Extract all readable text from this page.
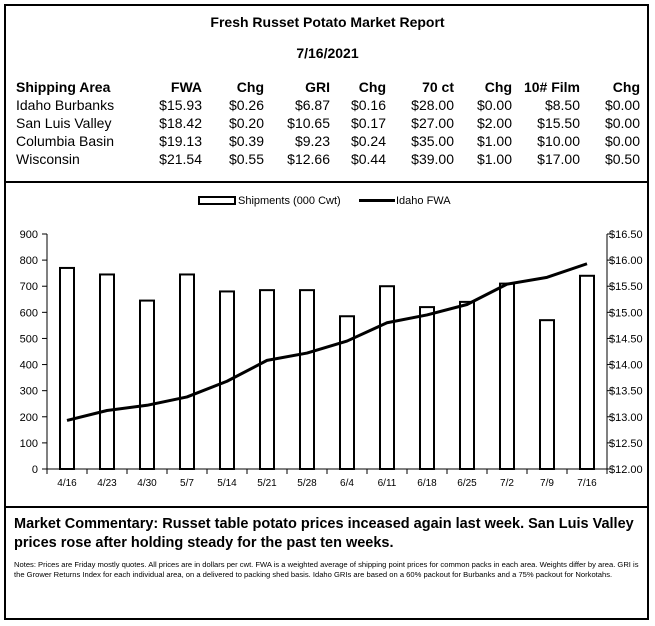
Fresh Russet Potato Market Report
7/16/2021
Shipping Area	FWA	Chg	GRI	Chg	70 ct	Chg	10# Film	Chg
Idaho Burbanks	$15.93	$0.26	$6.87	$0.16	$28.00	$0.00	$8.50	$0.00
San Luis Valley	$18.42	$0.20	$10.65	$0.17	$27.00	$2.00	$15.50	$0.00
Columbia Basin	$19.13	$0.39	$9.23	$0.24	$35.00	$1.00	$10.00	$0.00
Wisconsin	$21.54	$0.55	$12.66	$0.44	$39.00	$1.00	$17.00	$0.50
Shipments (000 Cwt)	Idaho FWA
0
100
200
300
400
500
600
700
800
900
$12.00
$12.50
$13.00
$13.50
$14.00
$14.50
$15.00
$15.50
$16.00
$16.50
4/16 4/23 4/30 5/7 5/14 5/21 5/28 6/4 6/11 6/18 6/25 7/2	7/9 7/16
Market Commentary: Russet table potato prices inceased again last week. San Luis Valley prices rose after holding steady for the past ten weeks.
Notes: Prices are Friday mostly quotes. All prices are in dollars per cwt. FWA is a weighted average of shipping point prices for common packs in each area. Weights differ by area. GRI is the Grower Returns Index for each individual area, on a delivered to packing shed basis. Idaho GRIs are based on a 60% packout for Burbanks and a 75% packout for Norkotahs.
